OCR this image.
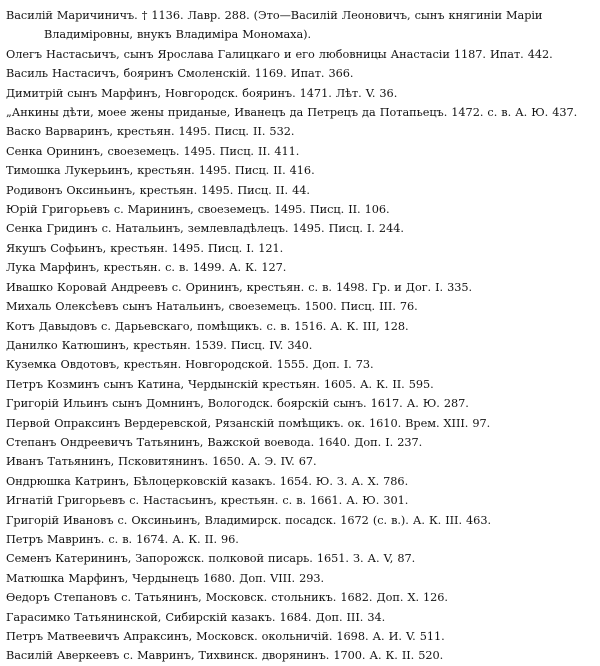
Василій Маричиничъ. † 1136. Лавр. 288. (Это—Василій Леоновичъ, сынъ княгиніи Маріи Владиміровны, внукъ Владиміра Мономаха).

Олегъ Настасьичъ, сынъ Ярослава Галицкаго и его любовницы Анастасіи 1187. Ипат. 442.

Василь Настасичъ, бояринъ Смоленскій. 1169. Ипат. 366.

Димитрій сынъ Марфинъ, Новгородск. бояринъ. 1471. Лѣт. V. 36.

„Анкины дѣти, моее жены приданые, Иванецъ да Петрецъ да Потапьецъ. 1472. с. в. А. Ю. 437.

Васко Варваринъ, крестьян. 1495. Писц. II. 532.

Сенка Орининъ, своеземецъ. 1495. Писц. II. 411.

Тимошка Лукерьинъ, крестьян. 1495. Писц. II. 416.

Родивонъ Оксиньинъ, крестьян. 1495. Писц. II. 44.

Юрій Григорьевъ с. Марининъ, своеземецъ. 1495. Писц. II. 106.

Сенка Гридинъ с. Натальинъ, землевладѣлецъ. 1495. Писц. I. 244.

Якушъ Софьинъ, крестьян. 1495. Писц. I. 121.

Лука Марфинъ, крестьян. с. в. 1499. А. К. 127.

Ивашко Коровай Андреевъ с. Орининъ, крестьян. с. в. 1498. Гр. и Дог. I. 335.

Михаль Олексѣевъ сынъ Натальинъ, своеземецъ. 1500. Писц. III. 76.

Котъ Давыдовъ с. Дарьевскаго, помѣщикъ. с. в. 1516. А. К. III, 128.

Данилко Катюшинъ, крестьян. 1539. Писц. IV. 340.

Куземка Овдотовъ, крестьян. Новгородской. 1555. Доп. I. 73.

Петръ Козминъ сынъ Катина, Чердынскій крестьян. 1605. А. К. II. 595.

Григорій Ильинъ сынъ Домнинъ, Вологодск. боярскій сынъ. 1617. А. Ю. 287.

Первой Опраксинъ Вердеревской, Рязанскій помѣщикъ. ок. 1610. Врем. XIII. 97.

Степанъ Ондреевичъ Татьянинъ, Важской воевода. 1640. Доп. I. 237.

Иванъ Татьянинъ, Псковитянинъ. 1650. А. Э. IV. 67.

Ондрюшка Катринъ, Бѣлоцерковскій казакъ. 1654. Ю. З. А. X. 786.

Игнатій Григорьевъ с. Настасьинъ, крестьян. с. в. 1661. А. Ю. 301.

Григорій Ивановъ с. Оксиньинъ, Владимирск. посадск. 1672 (с. в.). А. К. III. 463.

Петръ Мавринъ. с. в. 1674. А. К. II. 96.

Семенъ Катерининъ, Запорожск. полковой писарь. 1651. З. А. V, 87.

Матюшка Марфинъ, Чердынецъ 1680. Доп. VIII. 293.

Ѳедоръ Степановъ с. Татьянинъ, Московск. стольникъ. 1682. Доп. X. 126.

Гарасимко Татьянинской, Сибирскій казакъ. 1684. Доп. III. 34.

Петръ Матвеевичъ Апраксинъ, Московск. окольничій. 1698. А. И. V. 511.

Василій Аверкеевъ с. Мавринъ, Тихвинск. дворянинъ. 1700. А. К. II. 520.
